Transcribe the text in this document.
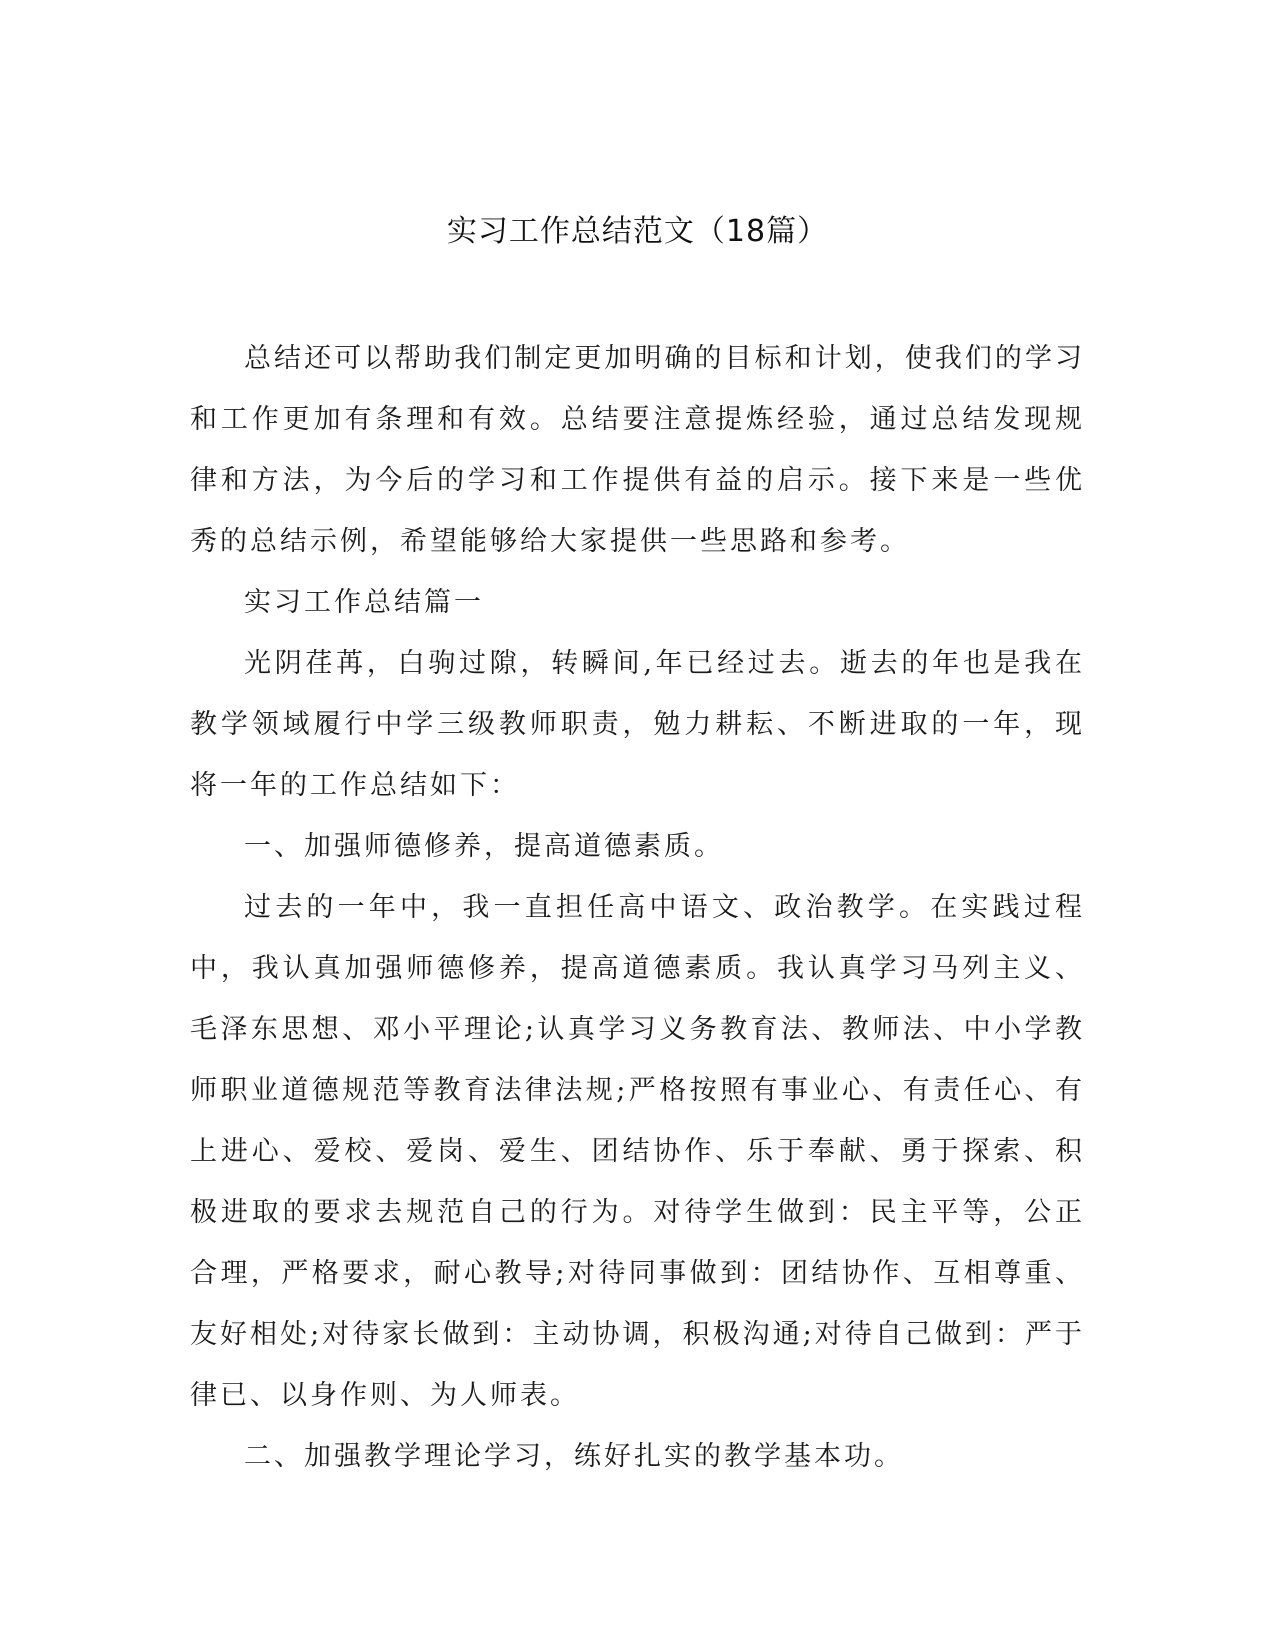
实习工作总结范文（18篇）

总结还可以帮助我们制定更加明确的目标和计划，使我们的学习和工作更加有条理和有效。总结要注意提炼经验，通过总结发现规律和方法，为今后的学习和工作提供有益的启示。接下来是一些优秀的总结示例，希望能够给大家提供一些思路和参考。

实习工作总结篇一

光阴荏苒，白驹过隙，转瞬间,年已经过去。逝去的年也是我在教学领域履行中学三级教师职责，勉力耕耘、不断进取的一年，现将一年的工作总结如下：

一、加强师德修养，提高道德素质。

过去的一年中，我一直担任高中语文、政治教学。在实践过程中，我认真加强师德修养，提高道德素质。我认真学习马列主义、毛泽东思想、邓小平理论;认真学习义务教育法、教师法、中小学教师职业道德规范等教育法律法规;严格按照有事业心、有责任心、有上进心、爱校、爱岗、爱生、团结协作、乐于奉献、勇于探索、积极进取的要求去规范自己的行为。对待学生做到：民主平等，公正合理，严格要求，耐心教导;对待同事做到：团结协作、互相尊重、友好相处;对待家长做到：主动协调，积极沟通;对待自己做到：严于律已、以身作则、为人师表。

二、加强教学理论学习，练好扎实的教学基本功。
